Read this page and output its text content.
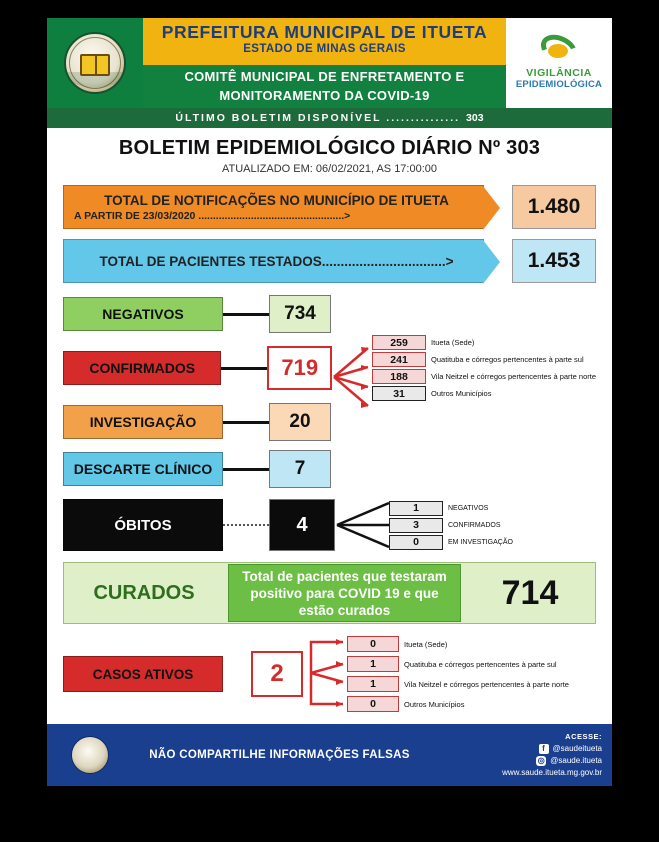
PREFEITURA MUNICIPAL DE ITUETA
ESTADO DE MINAS GERAIS
COMITÊ MUNICIPAL DE ENFRETAMENTO E
MONITORAMENTO DA COVID-19
VIGILÂNCIA
EPIDEMIOLÓGICA
ÚLTIMO BOLETIM DISPONÍVEL ............... 303
BOLETIM EPIDEMIOLÓGICO DIÁRIO Nº 303
ATUALIZADO EM: 06/02/2021, AS 17:00:00
TOTAL DE NOTIFICAÇÕES NO MUNICÍPIO DE ITUETA
A PARTIR DE 23/03/2020 ..................................................>	1.480
TOTAL DE PACIENTES TESTADOS.................................>	1.453
NEGATIVOS	734
CONFIRMADOS	719
259	Itueta (Sede)
241	Quatituba e córregos pertencentes à parte sul
188	Vila Neitzel e córregos pertencentes à parte norte
31	Outros Municípios
INVESTIGAÇÃO	20
DESCARTE CLÍNICO	7
ÓBITOS	4
1	NEGATIVOS
3	CONFIRMADOS
0	EM INVESTIGAÇÃO
CURADOS
Total de pacientes que testaram positivo para COVID 19 e que estão curados	714
CASOS ATIVOS	2
0	Itueta (Sede)
1	Quatituba e córregos pertencentes à parte sul
1	Vila Neitzel e córregos pertencentes à parte norte
0	Outros Municípios
NÃO COMPARTILHE INFORMAÇÕES FALSAS
ACESSE:
f @saudeitueta
◎ @saude.itueta
www.saude.itueta.mg.gov.br
